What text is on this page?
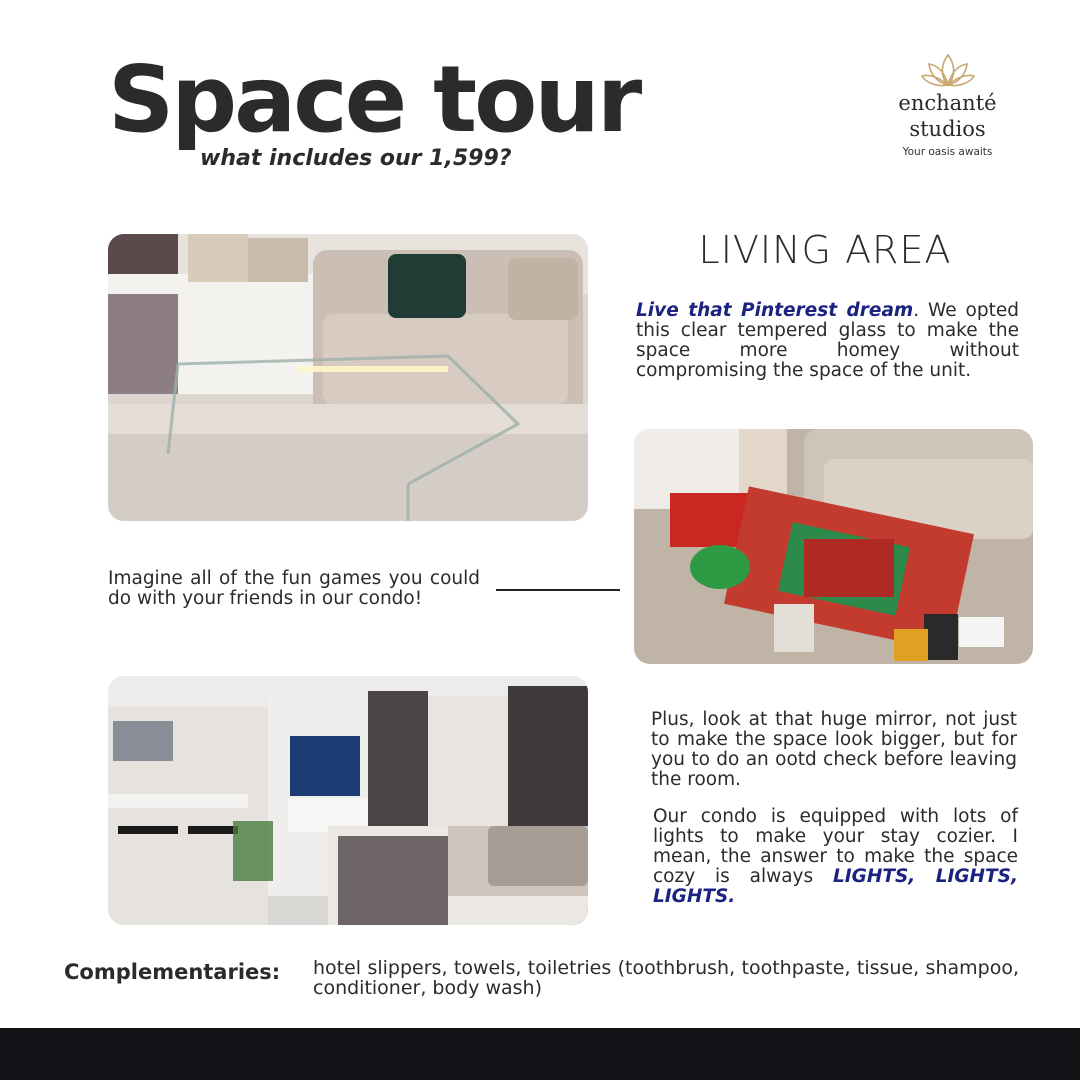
Space tour
what includes our 1,599?
enchanté
studios
Your oasis awaits
LIVING AREA
Live that Pinterest dream. We opted this clear tempered glass to make the space more homey without compromising the space of the unit.
Imagine all of the fun games you could do with your friends in our condo!
Plus, look at that huge mirror, not just to make the space look bigger, but for you to do an ootd check before leaving the room.
Our condo is equipped with lots of lights to make your stay cozier. I mean, the answer to make the space cozy is always LIGHTS, LIGHTS, LIGHTS.
Complementaries: hotel slippers, towels, toiletries (toothbrush, toothpaste, tissue, shampoo, conditioner, body wash)
